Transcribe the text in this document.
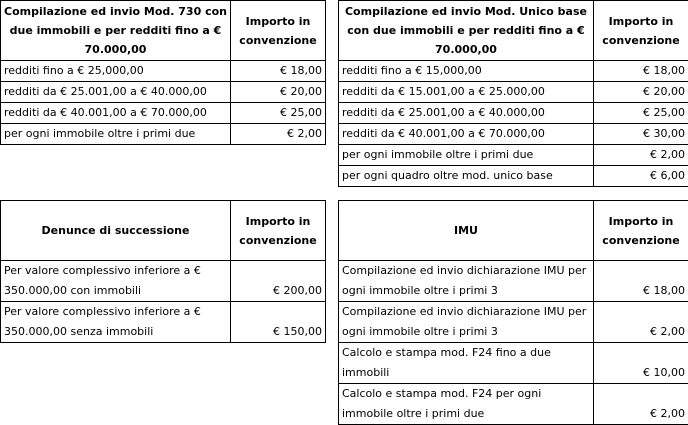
Compilazione ed invio Mod. 730 con due immobili e per redditi fino a € 70.000,00	Importo in convenzione
redditi fino a € 25,000,00	€ 18,00
redditi da € 25.001,00 a € 40.000,00	€ 20,00
redditi da € 40.001,00 a € 70.000,00	€ 25,00
per ogni immobile oltre i primi due	€ 2,00
Compilazione ed invio Mod. Unico base con due immobili e per redditi fino a € 70.000,00	Importo in convenzione
redditi fino a € 15,000,00	€ 18,00
redditi da € 15.001,00 a € 25.000,00	€ 20,00
redditi da € 25.001,00 a € 40.000,00	€ 25,00
redditi da € 40.001,00 a € 70.000,00	€ 30,00
per ogni immobile oltre i primi due	€ 2,00
per ogni quadro oltre mod. unico base	€ 6,00
Denunce di successione	Importo in convenzione
Per valore complessivo inferiore a € 350.000,00 con immobili	€ 200,00
Per valore complessivo inferiore a € 350.000,00 senza immobili	€ 150,00
IMU	Importo in convenzione
Compilazione ed invio dichiarazione IMU per ogni immobile oltre i primi 3	€ 18,00
Compilazione ed invio dichiarazione IMU per ogni immobile oltre i primi 3	€ 2,00
Calcolo e stampa mod. F24 fino a due immobili	€ 10,00
Calcolo e stampa mod. F24 per ogni immobile oltre i primi due	€ 2,00
